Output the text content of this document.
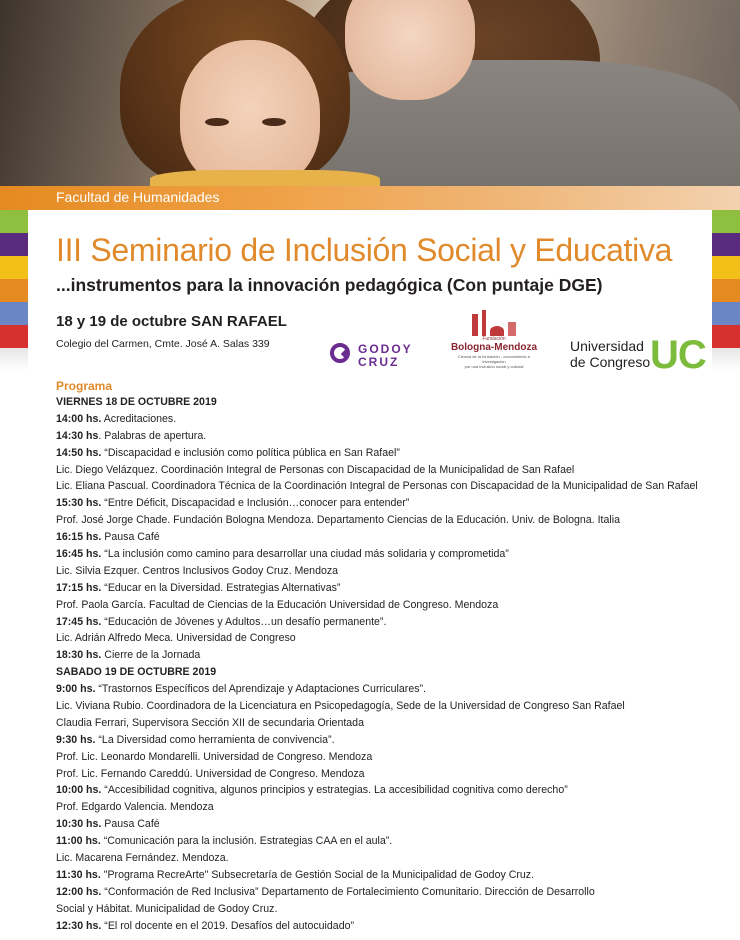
Facultad de Humanidades
III Seminario de Inclusión Social y Educativa
...instrumentos para la innovación pedagógica (Con puntaje DGE)
18 y 19 de octubre SAN RAFAEL
Colegio del Carmen, Cmte. José A. Salas 339	GODOY
CRUZ
Fundación
Bologna-Mendoza
Ciencia de la formación - conocimiento e investigación
por una inclusión social y cultural
Universidad
de Congreso UC
Programa
VIERNES 18 DE OCTUBRE 2019
14:00 hs. Acreditaciones.
14:30 hs. Palabras de apertura.
14:50 hs. “Discapacidad e inclusión como política pública en San Rafael”
Lic. Diego Velázquez. Coordinación Integral de Personas con Discapacidad de la Municipalidad de San Rafael
Lic. Eliana Pascual. Coordinadora Técnica de la Coordinación Integral de Personas con Discapacidad de la Municipalidad de San Rafael
15:30 hs. “Entre Déficit, Discapacidad e Inclusión…conocer para entender”
Prof. José Jorge Chade. Fundación Bologna Mendoza. Departamento Ciencias de la Educación. Univ. de Bologna. Italia
16:15 hs. Pausa Café
16:45 hs. “La inclusión como camino para desarrollar una ciudad más solidaria y comprometida”
Lic. Silvia Ezquer. Centros Inclusivos Godoy Cruz. Mendoza
17:15 hs. “Educar en la Diversidad. Estrategias Alternativas”
Prof. Paola García. Facultad de Ciencias de la Educación Universidad de Congreso. Mendoza
17:45 hs. “Educación de Jóvenes y Adultos…un desafío permanente”.
Lic. Adrián Alfredo Meca. Universidad de Congreso
18:30 hs. Cierre de la Jornada
SABADO 19 DE OCTUBRE 2019
9:00 hs. “Trastornos Específicos del Aprendizaje y Adaptaciones Curriculares”.
Lic. Viviana Rubio. Coordinadora de la Licenciatura en Psicopedagogía, Sede de la Universidad de Congreso San Rafael
Claudia Ferrari, Supervisora Sección XII de secundaria Orientada
9:30 hs. “La Diversidad como herramienta de convivencia”.
Prof. Lic. Leonardo Mondarelli. Universidad de Congreso. Mendoza
Prof. Lic. Fernando Careddú. Universidad de Congreso. Mendoza
10:00 hs. “Accesibilidad cognitiva, algunos principios y estrategias. La accesibilidad cognitiva como derecho”
Prof. Edgardo Valencia. Mendoza
10:30 hs. Pausa Café
11:00 hs. “Comunicación para la inclusión. Estrategias CAA en el aula”.
Lic. Macarena Fernández. Mendoza.
11:30 hs. "Programa RecreArte" Subsecretaría de Gestión Social de la Municipalidad de Godoy Cruz.
12:00 hs. “Conformación de Red Inclusiva” Departamento de Fortalecimiento Comunitario. Dirección de Desarrollo
Social y Hábitat. Municipalidad de Godoy Cruz.
12:30 hs. “El rol docente en el 2019. Desafíos del autocuidado”
